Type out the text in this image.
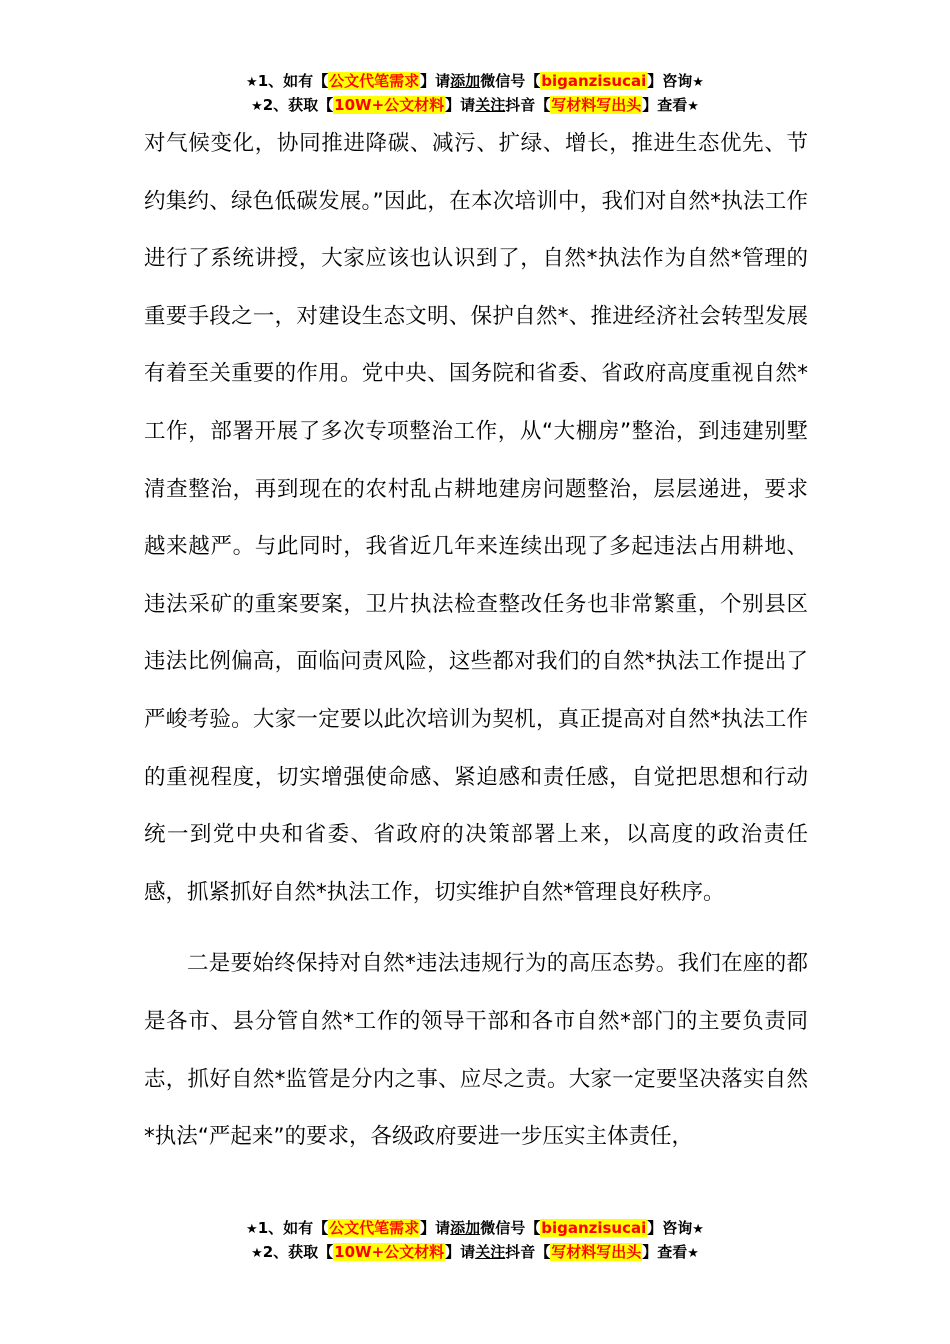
★1、如有【公文代笔需求】请添加微信号【biganzisucai】咨询★
★2、获取【10W+公文材料】请关注抖音【写材料写出头】查看★

对气候变化，协同推进降碳、减污、扩绿、增长，推进生态优先、节约集约、绿色低碳发展。”因此，在本次培训中，我们对自然*执法工作进行了系统讲授，大家应该也认识到了，自然*执法作为自然*管理的重要手段之一，对建设生态文明、保护自然*、推进经济社会转型发展有着至关重要的作用。党中央、国务院和省委、省政府高度重视自然*工作，部署开展了多次专项整治工作，从“大棚房”整治，到违建别墅清查整治，再到现在的农村乱占耕地建房问题整治，层层递进，要求越来越严。与此同时，我省近几年来连续出现了多起违法占用耕地、违法采矿的重案要案，卫片执法检查整改任务也非常繁重，个别县区违法比例偏高，面临问责风险，这些都对我们的自然*执法工作提出了严峻考验。大家一定要以此次培训为契机，真正提高对自然*执法工作的重视程度，切实增强使命感、紧迫感和责任感，自觉把思想和行动统一到党中央和省委、省政府的决策部署上来，以高度的政治责任感，抓紧抓好自然*执法工作，切实维护自然*管理良好秩序。

二是要始终保持对自然*违法违规行为的高压态势。我们在座的都是各市、县分管自然*工作的领导干部和各市自然*部门的主要负责同志，抓好自然*监管是分内之事、应尽之责。大家一定要坚决落实自然*执法“严起来”的要求，各级政府要进一步压实主体责任，

★1、如有【公文代笔需求】请添加微信号【biganzisucai】咨询★
★2、获取【10W+公文材料】请关注抖音【写材料写出头】查看★
